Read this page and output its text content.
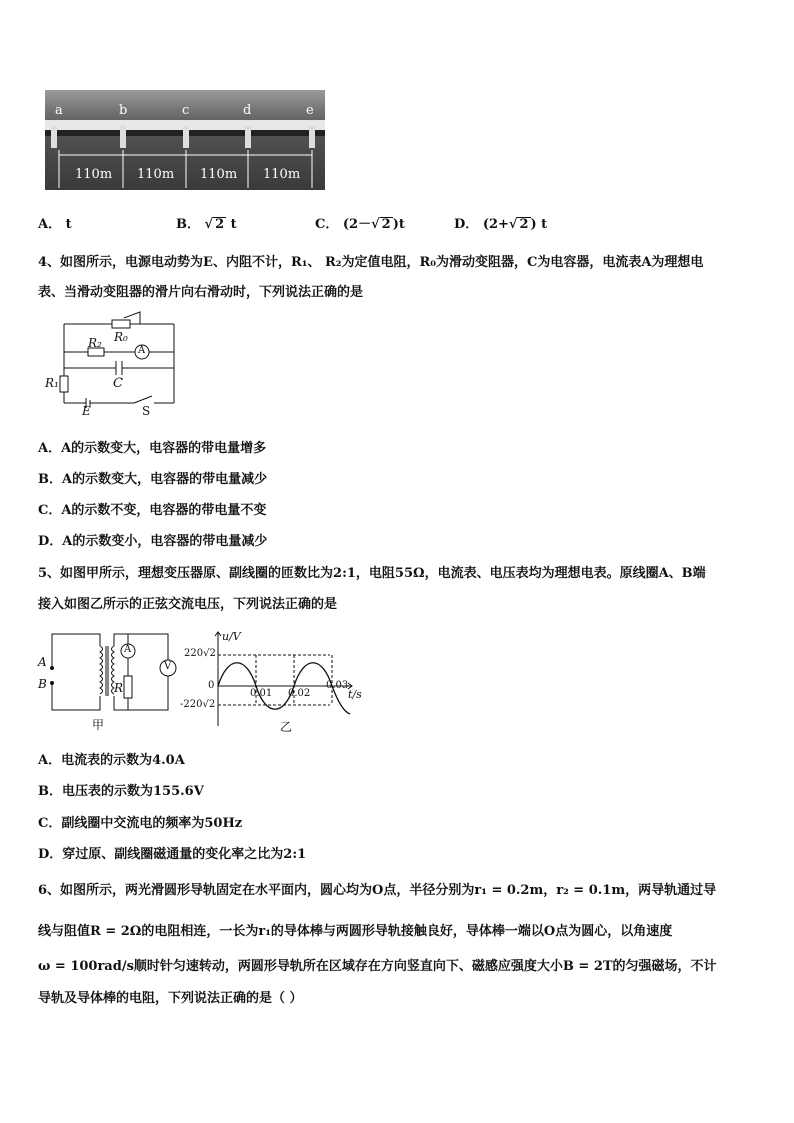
a	b	c	d	e
110m 110m 110m 110m
A． t	B． √ 2 t	C． (2－√ 2 )t	D． (2+√ 2 ) t
4、如图所示，电源电动势为E、内阻不计，R₁、 R₂为定值电阻，R₀为滑动变阻器，C为电容器，电流表A为理想电
表、当滑动变阻器的滑片向右滑动时，下列说法正确的是
R₀
R₂
A
R₁	C
E	S
A．A的示数变大，电容器的带电量增多
B．A的示数变大，电容器的带电量减少
C．A的示数不变，电容器的带电量不变
D．A的示数变小，电容器的带电量减少
5、如图甲所示，理想变压器原、副线圈的匝数比为2:1，电阻55Ω，电流表、电压表均为理想电表。原线圈A、B端
接入如图乙所示的正弦交流电压，下列说法正确的是
A
B
A
V
R
甲
u/V
220√2
0
-220√2
0.01 0.02
0.03
t/s
乙
A．电流表的示数为4.0A
B．电压表的示数为155.6V
C．副线圈中交流电的频率为50Hz
D．穿过原、副线圈磁通量的变化率之比为2:1
6、如图所示，两光滑圆形导轨固定在水平面内，圆心均为O点，半径分别为r₁ = 0.2m，r₂ = 0.1m，两导轨通过导
线与阻值R = 2Ω的电阻相连，一长为r₁的导体棒与两圆形导轨接触良好，导体棒一端以O点为圆心，以角速度
ω = 100rad/s顺时针匀速转动，两圆形导轨所在区域存在方向竖直向下、磁感应强度大小B = 2T的匀强磁场，不计
导轨及导体棒的电阻，下列说法正确的是（ ）
